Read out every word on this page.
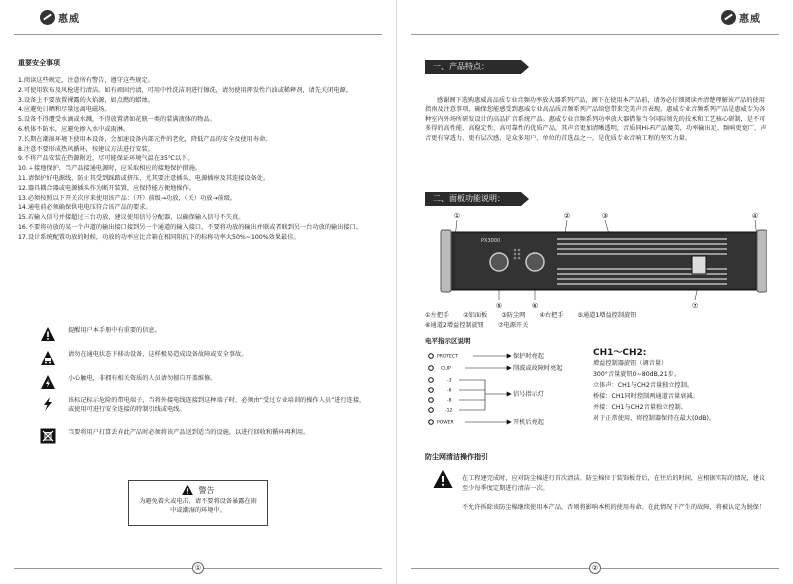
惠威
重要安全事项
1.阅读这些规定，注意所有警告，遵守这些规定。
2.可使用软布及风枪进行清洁。如有顽固污渍，可用中性洗洁剂进行擦洗，请勿使用挥发性汽油或稀释剂，请先关闭电源。
3.设备上不要放置裸露的火焰源，如点燃的蜡烛。
4.应避免日晒和尽量远离电磁场。
5.设备不得遭受水滴或水溅，不得放置诸如花瓶一类的装满液体的物品。
6.机体不防水，应避免掺入水中或雨淋。
7.长期在潮湿环境下使用本设备，会加速设备内部元件的老化，降低产品的安全及使用寿命。
8.注意不要形成热风循环，按建议方法进行安装。
9.不将产品安装在热源附近，尽可能保证环境气温在35℃以下。
10.⏚接地保护，当产品接通电源时，应采取相应的接地保护措施。
11.请保护好电源线，防止其受到踩踏或挤压，尤其要注意插头、电源插座及其连接设备处。
12.器具耦合器或电源插头作为断开装置，应保持能方便地操作。
13.必须按照以下开关次序来使用该产品：（开）前级→功放，（关）功放→前级。
14.通电前必须确保供电电压符合该产品的要求。
15.若输入信号并接超过三台功放，建议使用信号分配器，以确保输入信号不失真。
16.不要将功放的某一个声道的输出接口接到另一个通道的输入接口，不要将功放的输出并联或者联到另一台功放的输出接口。
17.设计系统配置功放的时候，功放的功率应比音箱在相同阻抗下的标称功率大50%~100%效果最佳。
提醒用户本手册中有重要的信息。
请勿在通电状态下移动设备，这样极易造成设备故障或安全事故。
小心触电，非拥有相关资质的人员请勿擅自开盖维修。
该标记标示危险的带电端子，当将外接电线连接到这种端子时，必须由“受过专业培训的操作人员”进行连接，或使用可进行安全连接的特制引线或电线。
当要将用户打算丢弃此产品时必须将该产品送到适当的设施，以进行回收和循环再利用。
警告
为避免着火或电击，请不要将设备暴露在雨中或潮湿的环境中。
①
惠威
一、产品特点：
感谢阁下选购惠威高品质专业音频功率放大器系列产品，阁下在使用本产品前，请务必仔细阅读并清楚理解该产品的使用指南及注意事项，确保您能感受到惠威专业高品质音频系列产品给您带来完美声音表现。惠威专业音频系列产品是惠威专为各种室内外场所研发设计的高品扩音系统产品。惠威专业音频系列功率放大器借鉴当今国际领先的技术和工艺核心研制，是不可多得的高性能、高稳定性、高可靠性的优质产品，其声音更加清晰透明，音质同Hi-Fi产品媲美，功率输出足、频响更宽广、声音更有穿透力、更有层次感，是众多用户、单位的首选品之一，是优质专业音响工程的坚实力量。
二、面板功能说明：
①	②	③	④
⑤	⑥	⑦
PX3000
①左把手 ②铝面板 ③防尘网 ④右把手 ⑤通道1增益控制旋钮
⑥通道2增益控制旋钮 ⑦电源开关
电平指示区说明
PROTECT
CLIP
-3
-6
-8
-12
POWER
保护时亮起
削波或故障时亮起
信号指示灯
开机后亮起
CH1～CH2:
增益控制器旋钮（调音量）
300°音量旋钮0~80dB,21步。
立体声：CH1与CH2音量独立控制。
桥接：CH1同时控制两通道音量衰减。
并接：CH1与CH2音量独立控制。
对于正常使用，将控制器保持在最大(0dB)。
防尘网清洁操作指引
在工程建完成时，应对防尘棉进行首次清洁。防尘棉位于装饰板背后，在往后的时间，应根据实际的情况，建议至少每季度定期进行清洁一次。
不允许拆除该防尘棉继续使用本产品，否则将影响本机的使用寿命。在此情况下产生的故障，将被认定为脱保！
②
